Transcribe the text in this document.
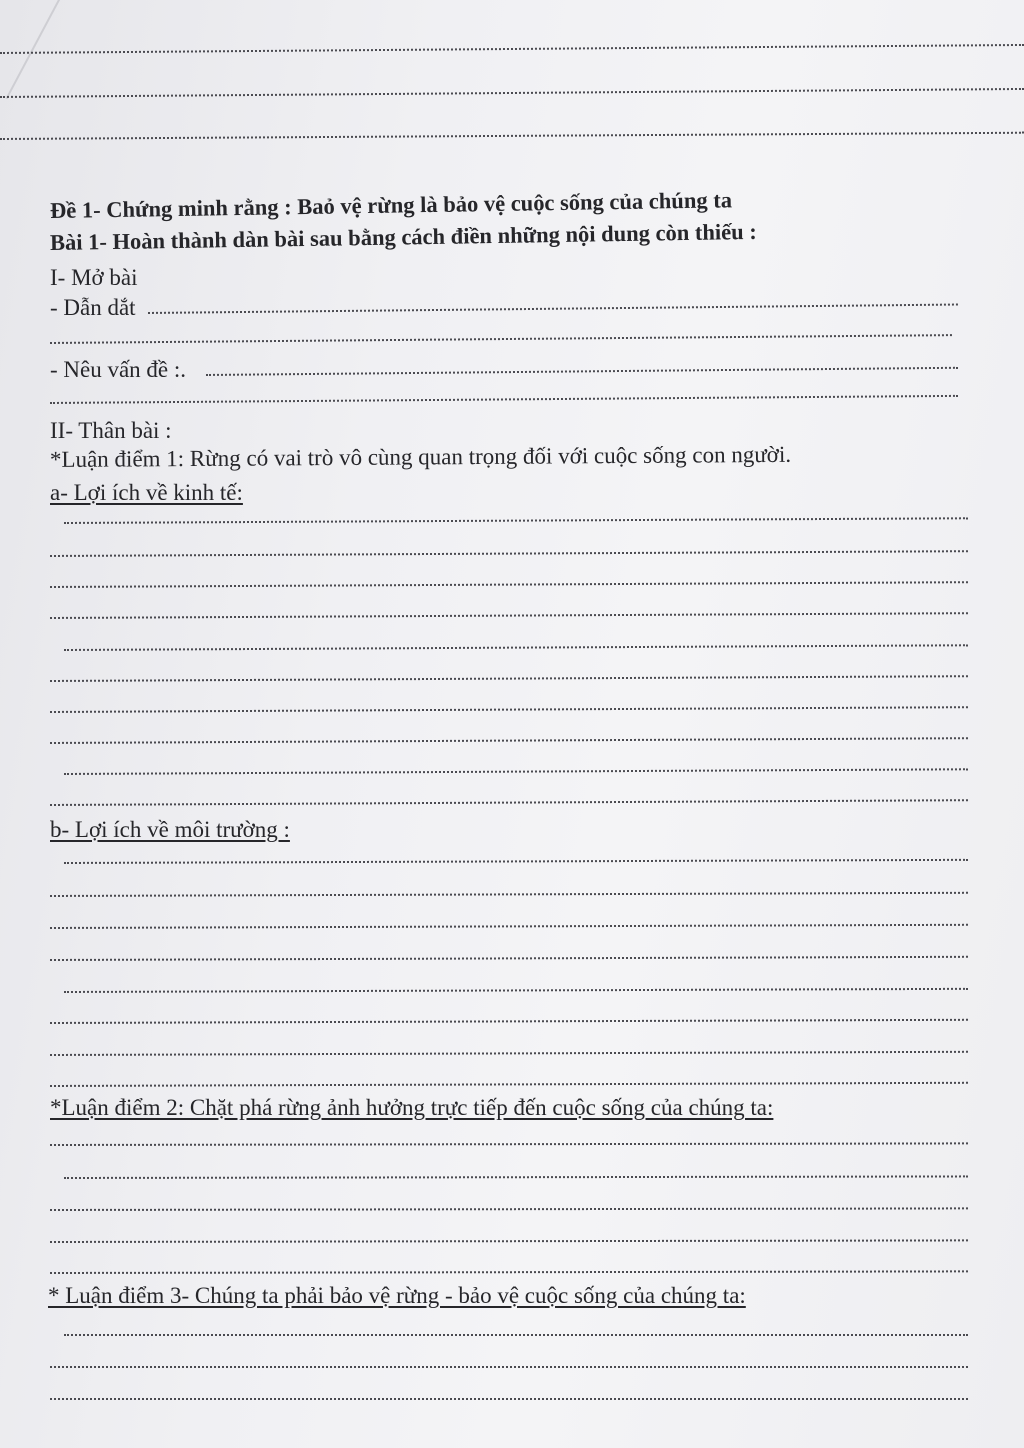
Đề 1- Chứng minh rằng : Baỏ vệ rừng là bảo vệ cuộc sống của chúng ta
Bài 1- Hoàn thành dàn bài sau bằng cách điền những nội dung còn thiếu :
I- Mở bài
- Dẫn dắt
- Nêu vấn đề :.
II- Thân bài :
*Luận điểm 1: Rừng có vai trò vô cùng quan trọng đối với cuộc sống con người.
a- Lợi ích về kinh tế:
b- Lợi ích về môi trường :
*Luận điểm 2: Chặt phá rừng ảnh hưởng trực tiếp đến cuộc sống của chúng ta:
* Luận điểm 3- Chúng ta phải bảo vệ rừng - bảo vệ cuộc sống của chúng ta:
